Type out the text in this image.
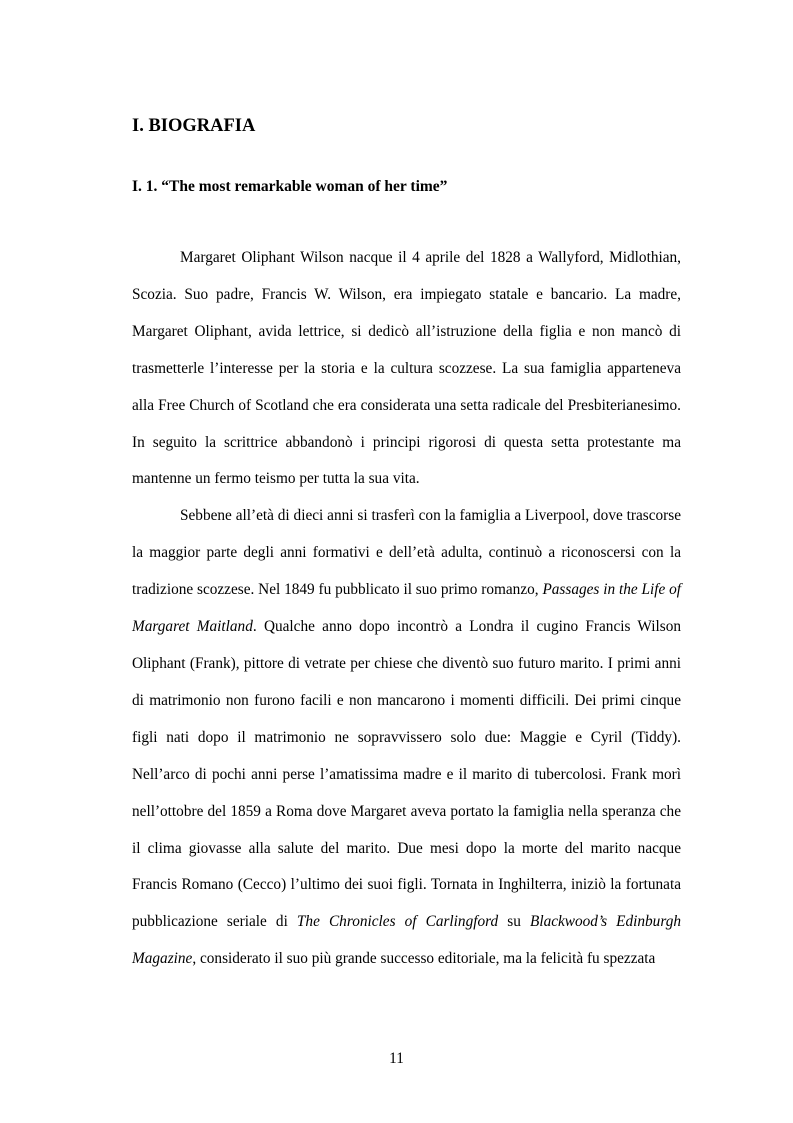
I. BIOGRAFIA
I. 1. “The most remarkable woman of her time”

Margaret Oliphant Wilson nacque il 4 aprile del 1828 a Wallyford, Midlothian, Scozia. Suo padre, Francis W. Wilson, era impiegato statale e bancario. La madre, Margaret Oliphant, avida lettrice, si dedicò all’istruzione della figlia e non mancò di trasmetterle l’interesse per la storia e la cultura scozzese. La sua famiglia apparteneva alla Free Church of Scotland che era considerata una setta radicale del Presbiterianesimo. In seguito la scrittrice abbandonò i principi rigorosi di questa setta protestante ma mantenne un fermo teismo per tutta la sua vita.

Sebbene all’età di dieci anni si trasferì con la famiglia a Liverpool, dove trascorse la maggior parte degli anni formativi e dell’età adulta, continuò a riconoscersi con la tradizione scozzese. Nel 1849 fu pubblicato il suo primo romanzo, Passages in the Life of Margaret Maitland. Qualche anno dopo incontrò a Londra il cugino Francis Wilson Oliphant (Frank), pittore di vetrate per chiese che diventò suo futuro marito. I primi anni di matrimonio non furono facili e non mancarono i momenti difficili. Dei primi cinque figli nati dopo il matrimonio ne sopravvissero solo due: Maggie e Cyril (Tiddy). Nell’arco di pochi anni perse l’amatissima madre e il marito di tubercolosi. Frank morì nell’ottobre del 1859 a Roma dove Margaret aveva portato la famiglia nella speranza che il clima giovasse alla salute del marito. Due mesi dopo la morte del marito nacque Francis Romano (Cecco) l’ultimo dei suoi figli. Tornata in Inghilterra, iniziò la fortunata pubblicazione seriale di The Chronicles of Carlingford su Blackwood’s Edinburgh Magazine, considerato il suo più grande successo editoriale, ma la felicità fu spezzata

11
